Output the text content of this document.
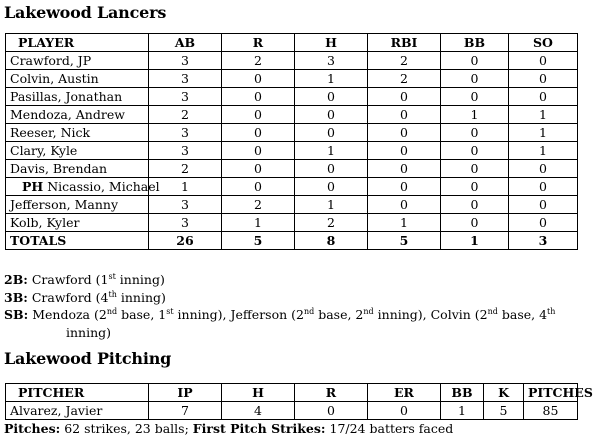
Lakewood Lancers
PLAYER	AB	R	H	RBI	BB	SO
Crawford, JP	3	2	3	2	0	0
Colvin, Austin	3	0	1	2	0	0
Pasillas, Jonathan	3	0	0	0	0	0
Mendoza, Andrew	2	0	0	0	1	1
Reeser, Nick	3	0	0	0	0	1
Clary, Kyle	3	0	1	0	0	1
Davis, Brendan	2	0	0	0	0	0
PH Nicassio, Michael	1	0	0	0	0	0
Jefferson, Manny	3	2	1	0	0	0
Kolb, Kyler	3	1	2	1	0	0
TOTALS	26	5	8	5	1	3
2B: Crawford (1st inning)
3B: Crawford (4th inning)
SB: Mendoza (2nd base, 1st inning), Jefferson (2nd base, 2nd inning), Colvin (2nd base, 4th
inning)
Lakewood Pitching
PITCHER	IP	H	R	ER	BB	K	PITCHES
Alvarez, Javier	7	4	0	0	1	5	85
Pitches: 62 strikes, 23 balls; First Pitch Strikes: 17/24 batters faced
